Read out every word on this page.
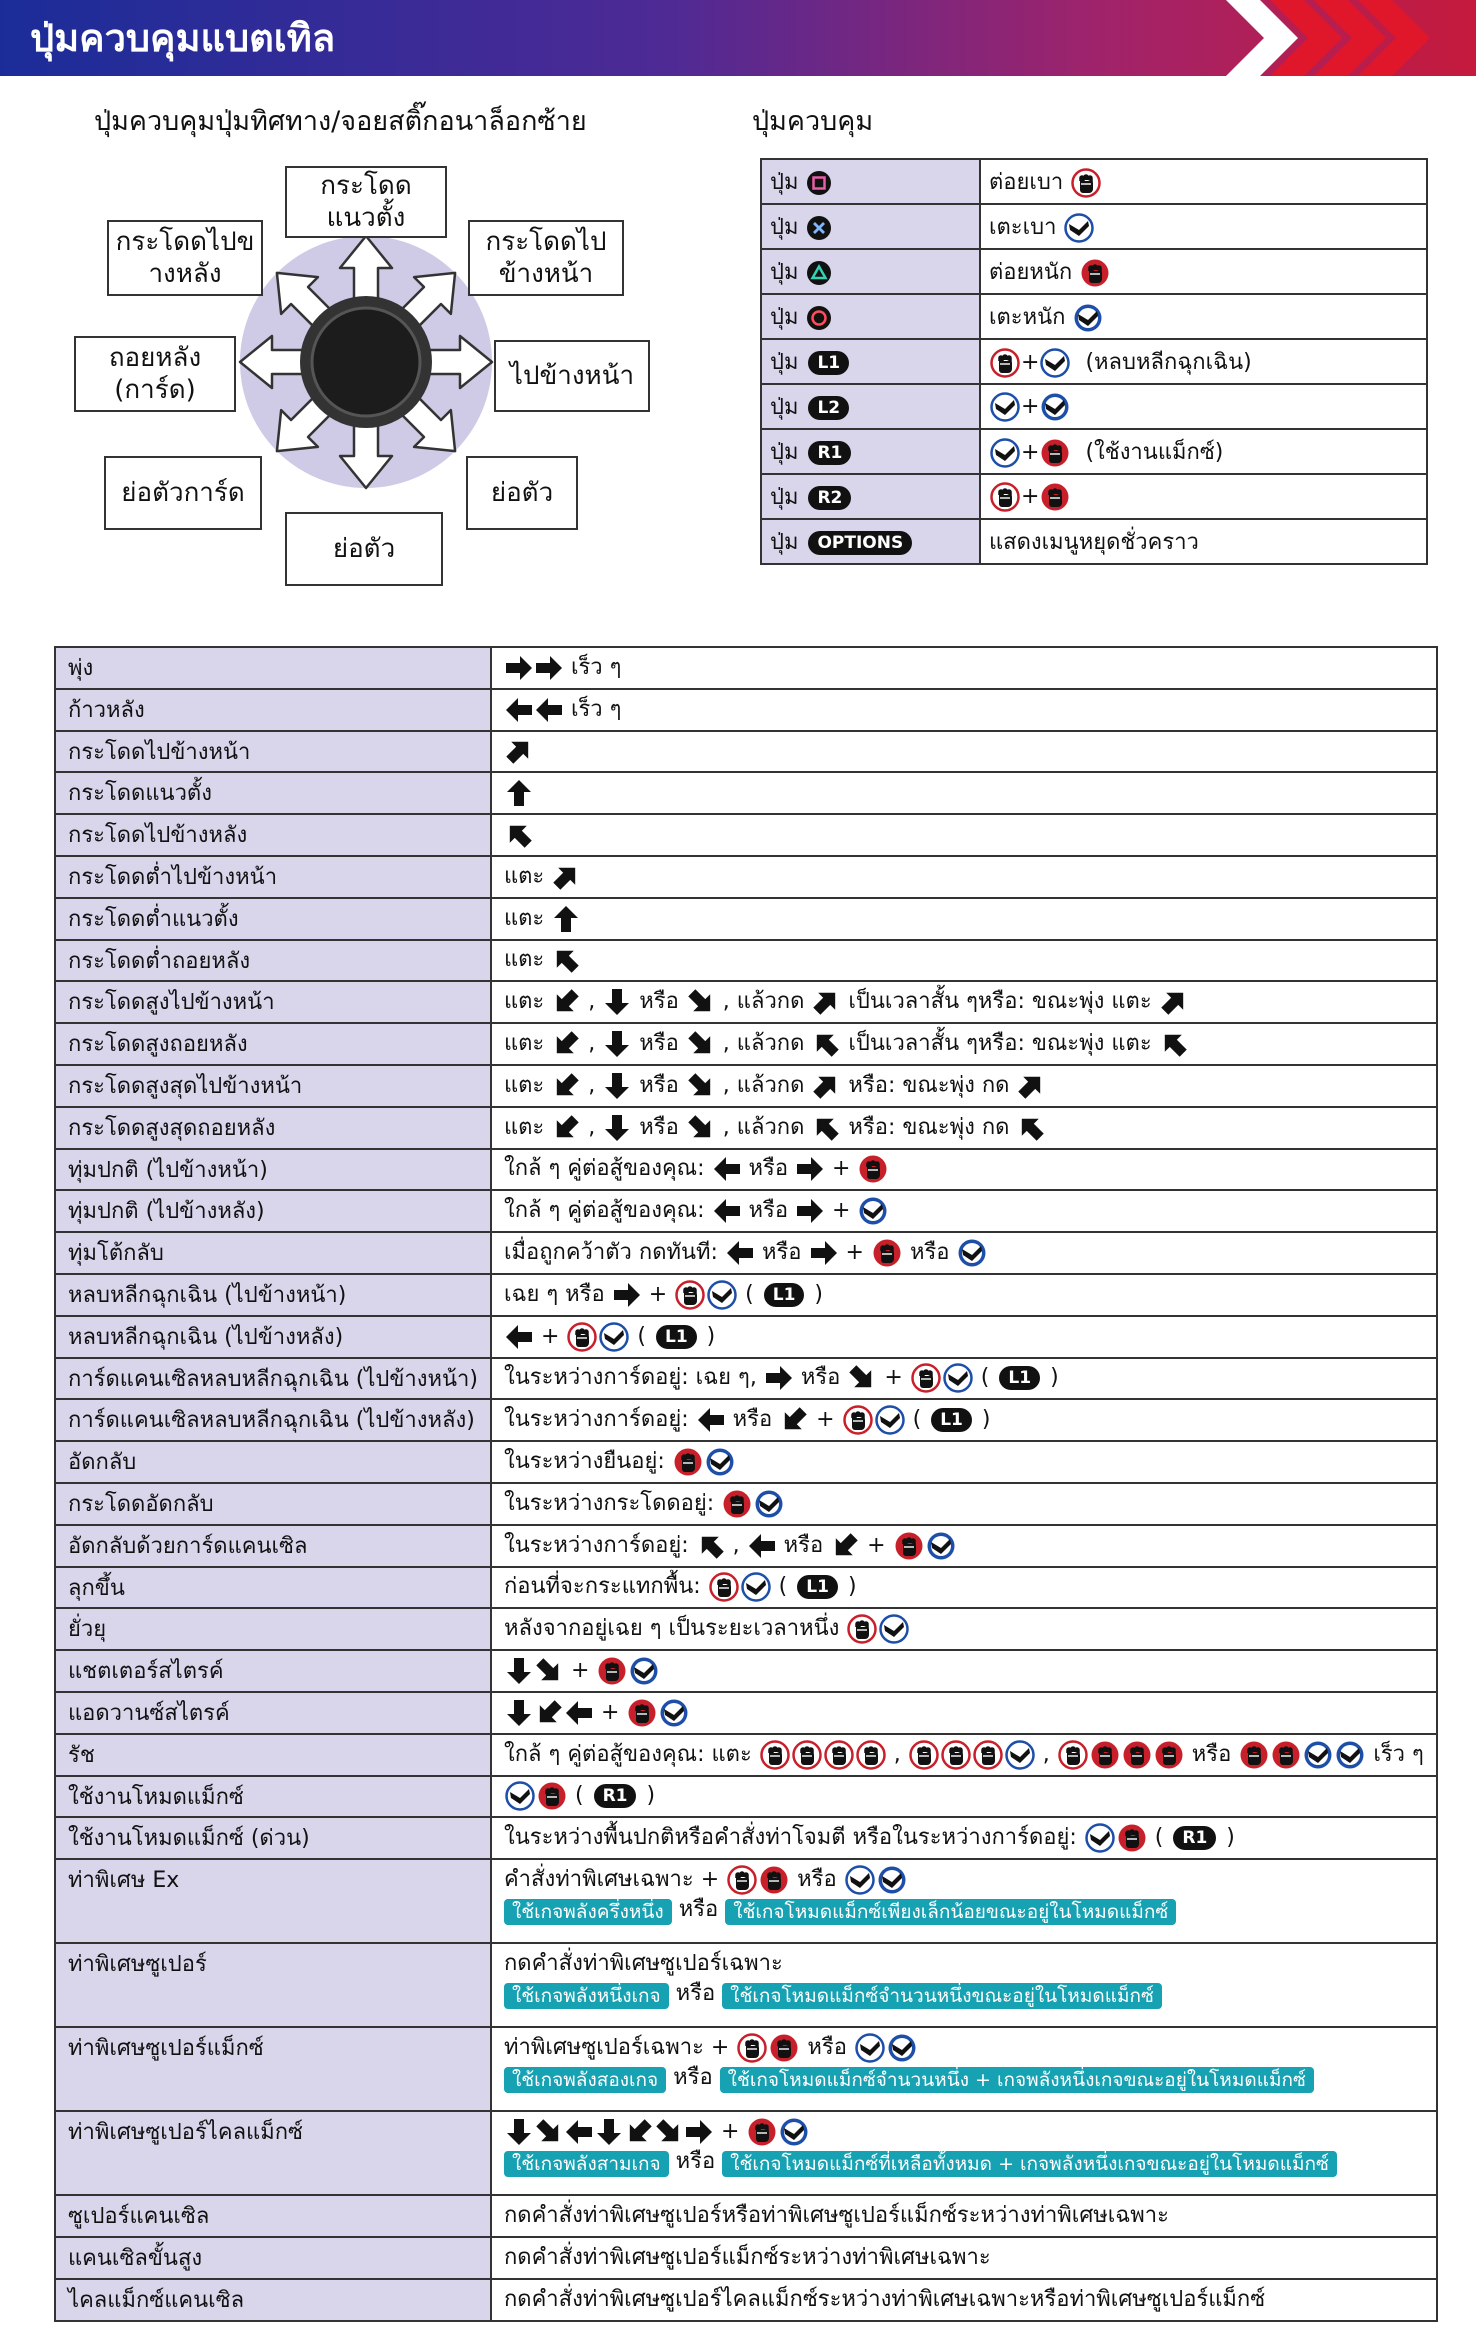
ปุ่มควบคุมแบตเทิล
ปุ่มควบคุมปุ่มทิศทาง/จอยสติ๊กอนาล็อกซ้าย
กระโดด
แนวตั้ง
กระโดดไปข
างหลัง
กระโดดไป
ข้างหน้า
ถอยหลัง
(การ์ด)	ไปข้างหน้า
ย่อตัวการ์ด	ย่อตัว
ย่อตัว
ปุ่มควบคุม
ปุ่ม	ต่อยเบา
ปุ่ม	เตะเบา
ปุ่ม	ต่อยหนัก
ปุ่ม	เตะหนัก
ปุ่ม L1	+ (หลบหลีกฉุกเฉิน)
ปุ่ม L2	+
ปุ่ม R1	+ (ใช้งานแม็กซ์)
ปุ่ม R2	+
ปุ่ม OPTIONS	แสดงเมนูหยุดชั่วคราว
พุ่ง	เร็ว ๆ
ก้าวหลัง	เร็ว ๆ
กระโดดไปข้างหน้า	
กระโดดแนวตั้ง	
กระโดดไปข้างหลัง	
กระโดดต่ำไปข้างหน้า	แตะ
กระโดดต่ำแนวตั้ง	แตะ
กระโดดต่ำถอยหลัง	แตะ
กระโดดสูงไปข้างหน้า	แตะ , หรือ , แล้วกด เป็นเวลาสั้น ๆหรือ: ขณะพุ่ง แตะ
กระโดดสูงถอยหลัง	แตะ , หรือ , แล้วกด เป็นเวลาสั้น ๆหรือ: ขณะพุ่ง แตะ
กระโดดสูงสุดไปข้างหน้า	แตะ , หรือ , แล้วกด หรือ: ขณะพุ่ง กด
กระโดดสูงสุดถอยหลัง	แตะ , หรือ , แล้วกด หรือ: ขณะพุ่ง กด
ทุ่มปกติ (ไปข้างหน้า)	ใกล้ ๆ คู่ต่อสู้ของคุณ: หรือ +
ทุ่มปกติ (ไปข้างหลัง)	ใกล้ ๆ คู่ต่อสู้ของคุณ: หรือ +
ทุ่มโต้กลับ	เมื่อถูกคว้าตัว กดทันที: หรือ + หรือ
หลบหลีกฉุกเฉิน (ไปข้างหน้า)	เฉย ๆ หรือ + ( L1 )
หลบหลีกฉุกเฉิน (ไปข้างหลัง)	+ ( L1 )
การ์ดแคนเซิลหลบหลีกฉุกเฉิน (ไปข้างหน้า)	ในระหว่างการ์ดอยู่: เฉย ๆ, หรือ + ( L1 )
การ์ดแคนเซิลหลบหลีกฉุกเฉิน (ไปข้างหลัง)	ในระหว่างการ์ดอยู่: หรือ + ( L1 )
อัดกลับ	ในระหว่างยืนอยู่:
กระโดดอัดกลับ	ในระหว่างกระโดดอยู่:
อัดกลับด้วยการ์ดแคนเซิล	ในระหว่างการ์ดอยู่: , หรือ +
ลุกขึ้น	ก่อนที่จะกระแทกพื้น: ( L1 )
ยั่วยุ	หลังจากอยู่เฉย ๆ เป็นระยะเวลาหนึ่ง
แชตเตอร์สไตรค์	+
แอดวานซ์สไตรค์	+
รัช	ใกล้ ๆ คู่ต่อสู้ของคุณ: แตะ , , หรือ เร็ว ๆ
ใช้งานโหมดแม็กซ์	( R1 )
ใช้งานโหมดแม็กซ์ (ด่วน)	ในระหว่างพื้นปกติหรือคำสั่งท่าโจมตี หรือในระหว่างการ์ดอยู่: ( R1 )
ท่าพิเศษ Ex	คำสั่งท่าพิเศษเฉพาะ + หรือ
ใช้เกจพลังครึ่งหนึ่ง หรือ ใช้เกจโหมดแม็กซ์เพียงเล็กน้อยขณะอยู่ในโหมดแม็กซ์
ท่าพิเศษซูเปอร์	กดคำสั่งท่าพิเศษซูเปอร์เฉพาะ
ใช้เกจพลังหนึ่งเกจ หรือ ใช้เกจโหมดแม็กซ์จำนวนหนึ่งขณะอยู่ในโหมดแม็กซ์
ท่าพิเศษซูเปอร์แม็กซ์	ท่าพิเศษซูเปอร์เฉพาะ + หรือ
ใช้เกจพลังสองเกจ หรือ ใช้เกจโหมดแม็กซ์จำนวนหนึ่ง + เกจพลังหนึ่งเกจขณะอยู่ในโหมดแม็กซ์
ท่าพิเศษซูเปอร์ไคลแม็กซ์	+
ใช้เกจพลังสามเกจ หรือ ใช้เกจโหมดแม็กซ์ที่เหลือทั้งหมด + เกจพลังหนึ่งเกจขณะอยู่ในโหมดแม็กซ์
ซูเปอร์แคนเซิล	กดคำสั่งท่าพิเศษซูเปอร์หรือท่าพิเศษซูเปอร์แม็กซ์ระหว่างท่าพิเศษเฉพาะ
แคนเซิลขั้นสูง	กดคำสั่งท่าพิเศษซูเปอร์แม็กซ์ระหว่างท่าพิเศษเฉพาะ
ไคลแม็กซ์แคนเซิล	กดคำสั่งท่าพิเศษซูเปอร์ไคลแม็กซ์ระหว่างท่าพิเศษเฉพาะหรือท่าพิเศษซูเปอร์แม็กซ์
